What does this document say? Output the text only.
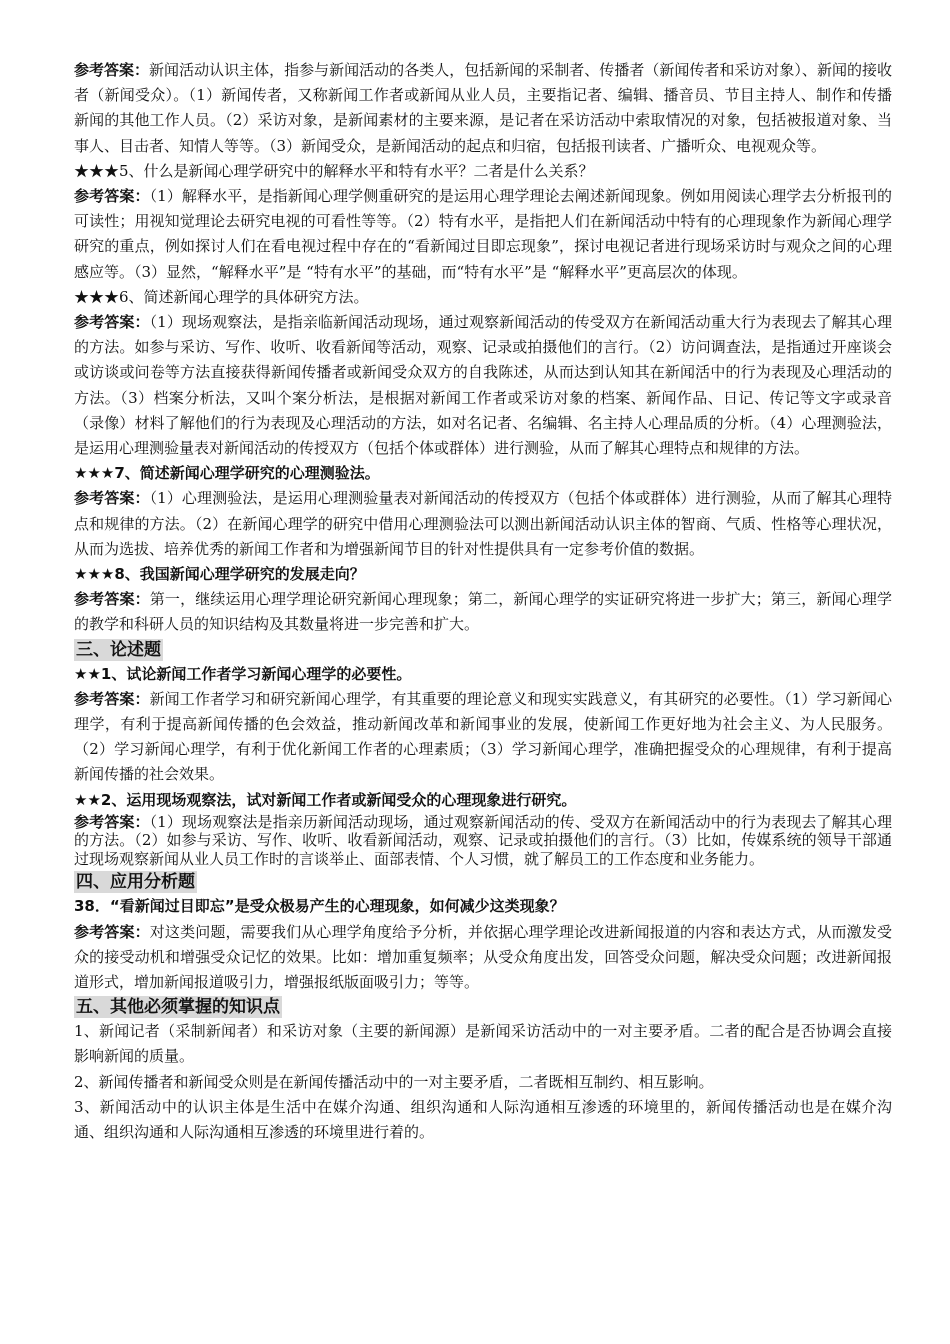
参考答案：新闻活动认识主体，指参与新闻活动的各类人，包括新闻的采制者、传播者（新闻传者和采访对象）、新闻的接收者（新闻受众）。（1）新闻传者，又称新闻工作者或新闻从业人员，主要指记者、编辑、播音员、节目主持人、制作和传播新闻的其他工作人员。（2）采访对象，是新闻素材的主要来源，是记者在采访活动中索取情况的对象，包括被报道对象、当事人、目击者、知情人等等。（3）新闻受众，是新闻活动的起点和归宿，包括报刊读者、广播听众、电视观众等。

★★★5、什么是新闻心理学研究中的解释水平和特有水平？二者是什么关系？

参考答案：（1）解释水平，是指新闻心理学侧重研究的是运用心理学理论去阐述新闻现象。例如用阅读心理学去分析报刊的可读性；用视知觉理论去研究电视的可看性等等。（2）特有水平，是指把人们在新闻活动中特有的心理现象作为新闻心理学研究的重点，例如探讨人们在看电视过程中存在的“看新闻过目即忘现象”，探讨电视记者进行现场采访时与观众之间的心理感应等。（3）显然，“解释水平”是 “特有水平”的基础，而“特有水平”是 “解释水平”更高层次的体现。

★★★6、简述新闻心理学的具体研究方法。

参考答案：（1）现场观察法，是指亲临新闻活动现场，通过观察新闻活动的传受双方在新闻活动重大行为表现去了解其心理的方法。如参与采访、写作、收听、收看新闻等活动，观察、记录或拍摄他们的言行。（2）访问调查法，是指通过开座谈会或访谈或问卷等方法直接获得新闻传播者或新闻受众双方的自我陈述，从而达到认知其在新闻活中的行为表现及心理活动的方法。（3）档案分析法，又叫个案分析法，是根据对新闻工作者或采访对象的档案、新闻作品、日记、传记等文字或录音（录像）材料了解他们的行为表现及心理活动的方法，如对名记者、名编辑、名主持人心理品质的分析。（4）心理测验法，是运用心理测验量表对新闻活动的传授双方（包括个体或群体）进行测验，从而了解其心理特点和规律的方法。

★★★7、简述新闻心理学研究的心理测验法。

参考答案：（1）心理测验法，是运用心理测验量表对新闻活动的传授双方（包括个体或群体）进行测验，从而了解其心理特点和规律的方法。（2）在新闻心理学的研究中借用心理测验法可以测出新闻活动认识主体的智商、气质、性格等心理状况，从而为选拔、培养优秀的新闻工作者和为增强新闻节目的针对性提供具有一定参考价值的数据。

★★★8、我国新闻心理学研究的发展走向？

参考答案：第一，继续运用心理学理论研究新闻心理现象；第二，新闻心理学的实证研究将进一步扩大；第三，新闻心理学的教学和科研人员的知识结构及其数量将进一步完善和扩大。

三、论述题

★★1、试论新闻工作者学习新闻心理学的必要性。

参考答案：新闻工作者学习和研究新闻心理学，有其重要的理论意义和现实实践意义，有其研究的必要性。（1）学习新闻心理学，有利于提高新闻传播的色会效益，推动新闻改革和新闻事业的发展，使新闻工作更好地为社会主义、为人民服务。（2）学习新闻心理学，有利于优化新闻工作者的心理素质；（3）学习新闻心理学，准确把握受众的心理规律，有利于提高新闻传播的社会效果。

★★2、运用现场观察法，试对新闻工作者或新闻受众的心理现象进行研究。

参考答案：（1）现场观察法是指亲历新闻活动现场，通过观察新闻活动的传、受双方在新闻活动中的行为表现去了解其心理的方法。（2）如参与采访、写作、收听、收看新闻活动，观察、记录或拍摄他们的言行。（3）比如，传媒系统的领导干部通过现场观察新闻从业人员工作时的言谈举止、面部表情、个人习惯，就了解员工的工作态度和业务能力。

四、应用分析题

38．“看新闻过目即忘”是受众极易产生的心理现象，如何减少这类现象？

参考答案：对这类问题，需要我们从心理学角度给予分析，并依据心理学理论改进新闻报道的内容和表达方式，从而激发受众的接受动机和增强受众记忆的效果。比如：增加重复频率；从受众角度出发，回答受众问题，解决受众问题；改进新闻报道形式，增加新闻报道吸引力，增强报纸版面吸引力；等等。

五、其他必须掌握的知识点

1、新闻记者（采制新闻者）和采访对象（主要的新闻源）是新闻采访活动中的一对主要矛盾。二者的配合是否协调会直接影响新闻的质量。

2、新闻传播者和新闻受众则是在新闻传播活动中的一对主要矛盾，二者既相互制约、相互影响。

3、新闻活动中的认识主体是生活中在媒介沟通、组织沟通和人际沟通相互渗透的环境里的，新闻传播活动也是在媒介沟通、组织沟通和人际沟通相互渗透的环境里进行着的。
